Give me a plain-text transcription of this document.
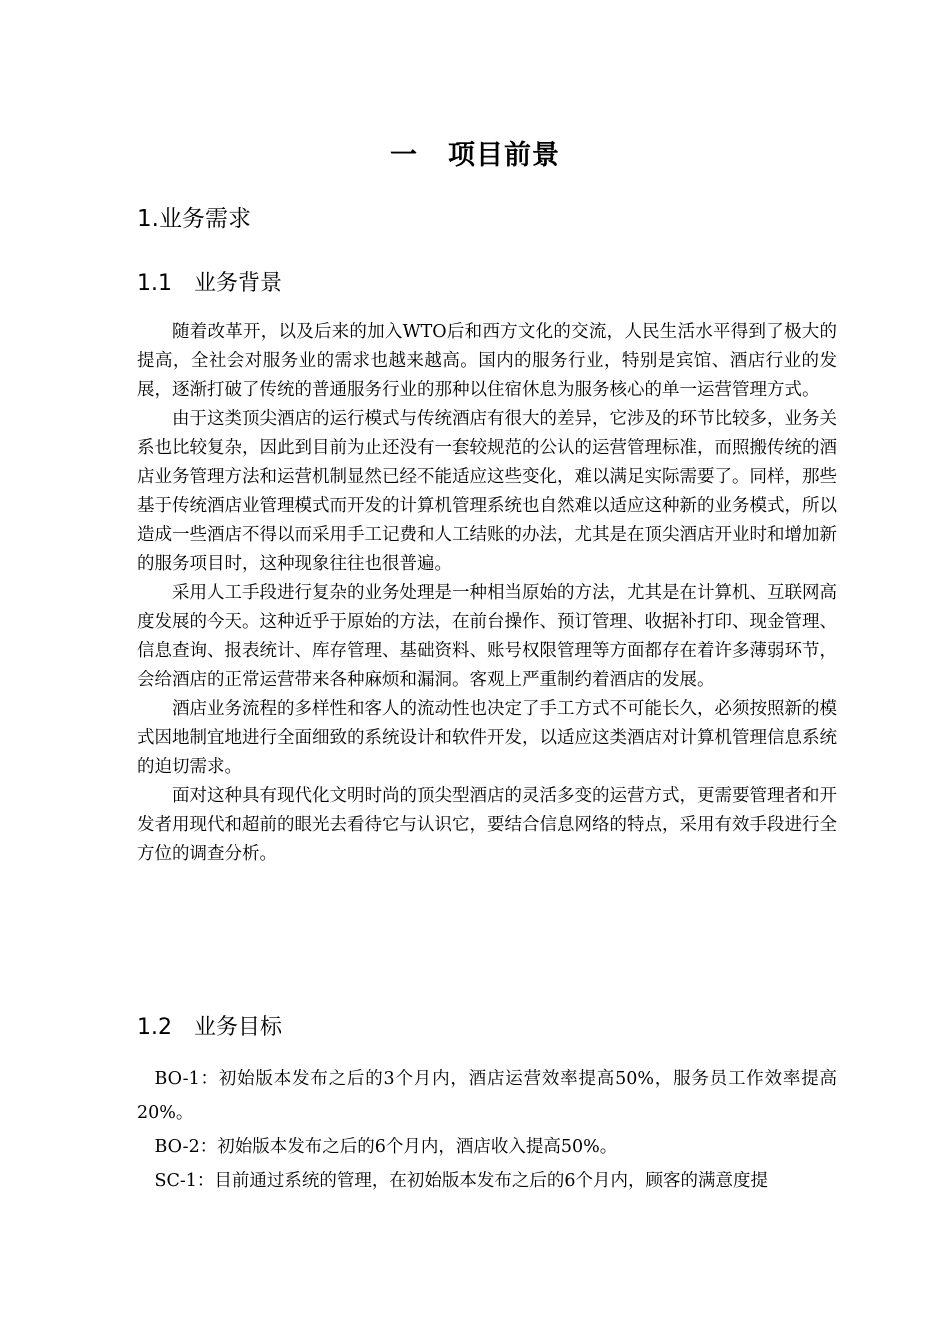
一 项目前景
1.业务需求
1.1 业务背景

随着改革开，以及后来的加入WTO后和西方文化的交流，人民生活水平得到了极大的提高，全社会对服务业的需求也越来越高。国内的服务行业，特别是宾馆、酒店行业的发展，逐渐打破了传统的普通服务行业的那种以住宿休息为服务核心的单一运营管理方式。

由于这类顶尖酒店的运行模式与传统酒店有很大的差异，它涉及的环节比较多，业务关系也比较复杂，因此到目前为止还没有一套较规范的公认的运营管理标准，而照搬传统的酒店业务管理方法和运营机制显然已经不能适应这些变化，难以满足实际需要了。同样，那些基于传统酒店业管理模式而开发的计算机管理系统也自然难以适应这种新的业务模式，所以造成一些酒店不得以而采用手工记费和人工结账的办法，尤其是在顶尖酒店开业时和增加新的服务项目时，这种现象往往也很普遍。

采用人工手段进行复杂的业务处理是一种相当原始的方法，尤其是在计算机、互联网高度发展的今天。这种近乎于原始的方法，在前台操作、预订管理、收据补打印、现金管理、信息查询、报表统计、库存管理、基础资料、账号权限管理等方面都存在着许多薄弱环节，会给酒店的正常运营带来各种麻烦和漏洞。客观上严重制约着酒店的发展。

酒店业务流程的多样性和客人的流动性也决定了手工方式不可能长久，必须按照新的模式因地制宜地进行全面细致的系统设计和软件开发，以适应这类酒店对计算机管理信息系统的迫切需求。

面对这种具有现代化文明时尚的顶尖型酒店的灵活多变的运营方式，更需要管理者和开发者用现代和超前的眼光去看待它与认识它，要结合信息网络的特点，采用有效手段进行全方位的调查分析。

1.2 业务目标

BO-1：初始版本发布之后的3个月内，酒店运营效率提高50%，服务员工作效率提高20%。

BO-2：初始版本发布之后的6个月内，酒店收入提高50%。

SC-1：目前通过系统的管理，在初始版本发布之后的6个月内，顾客的满意度提
